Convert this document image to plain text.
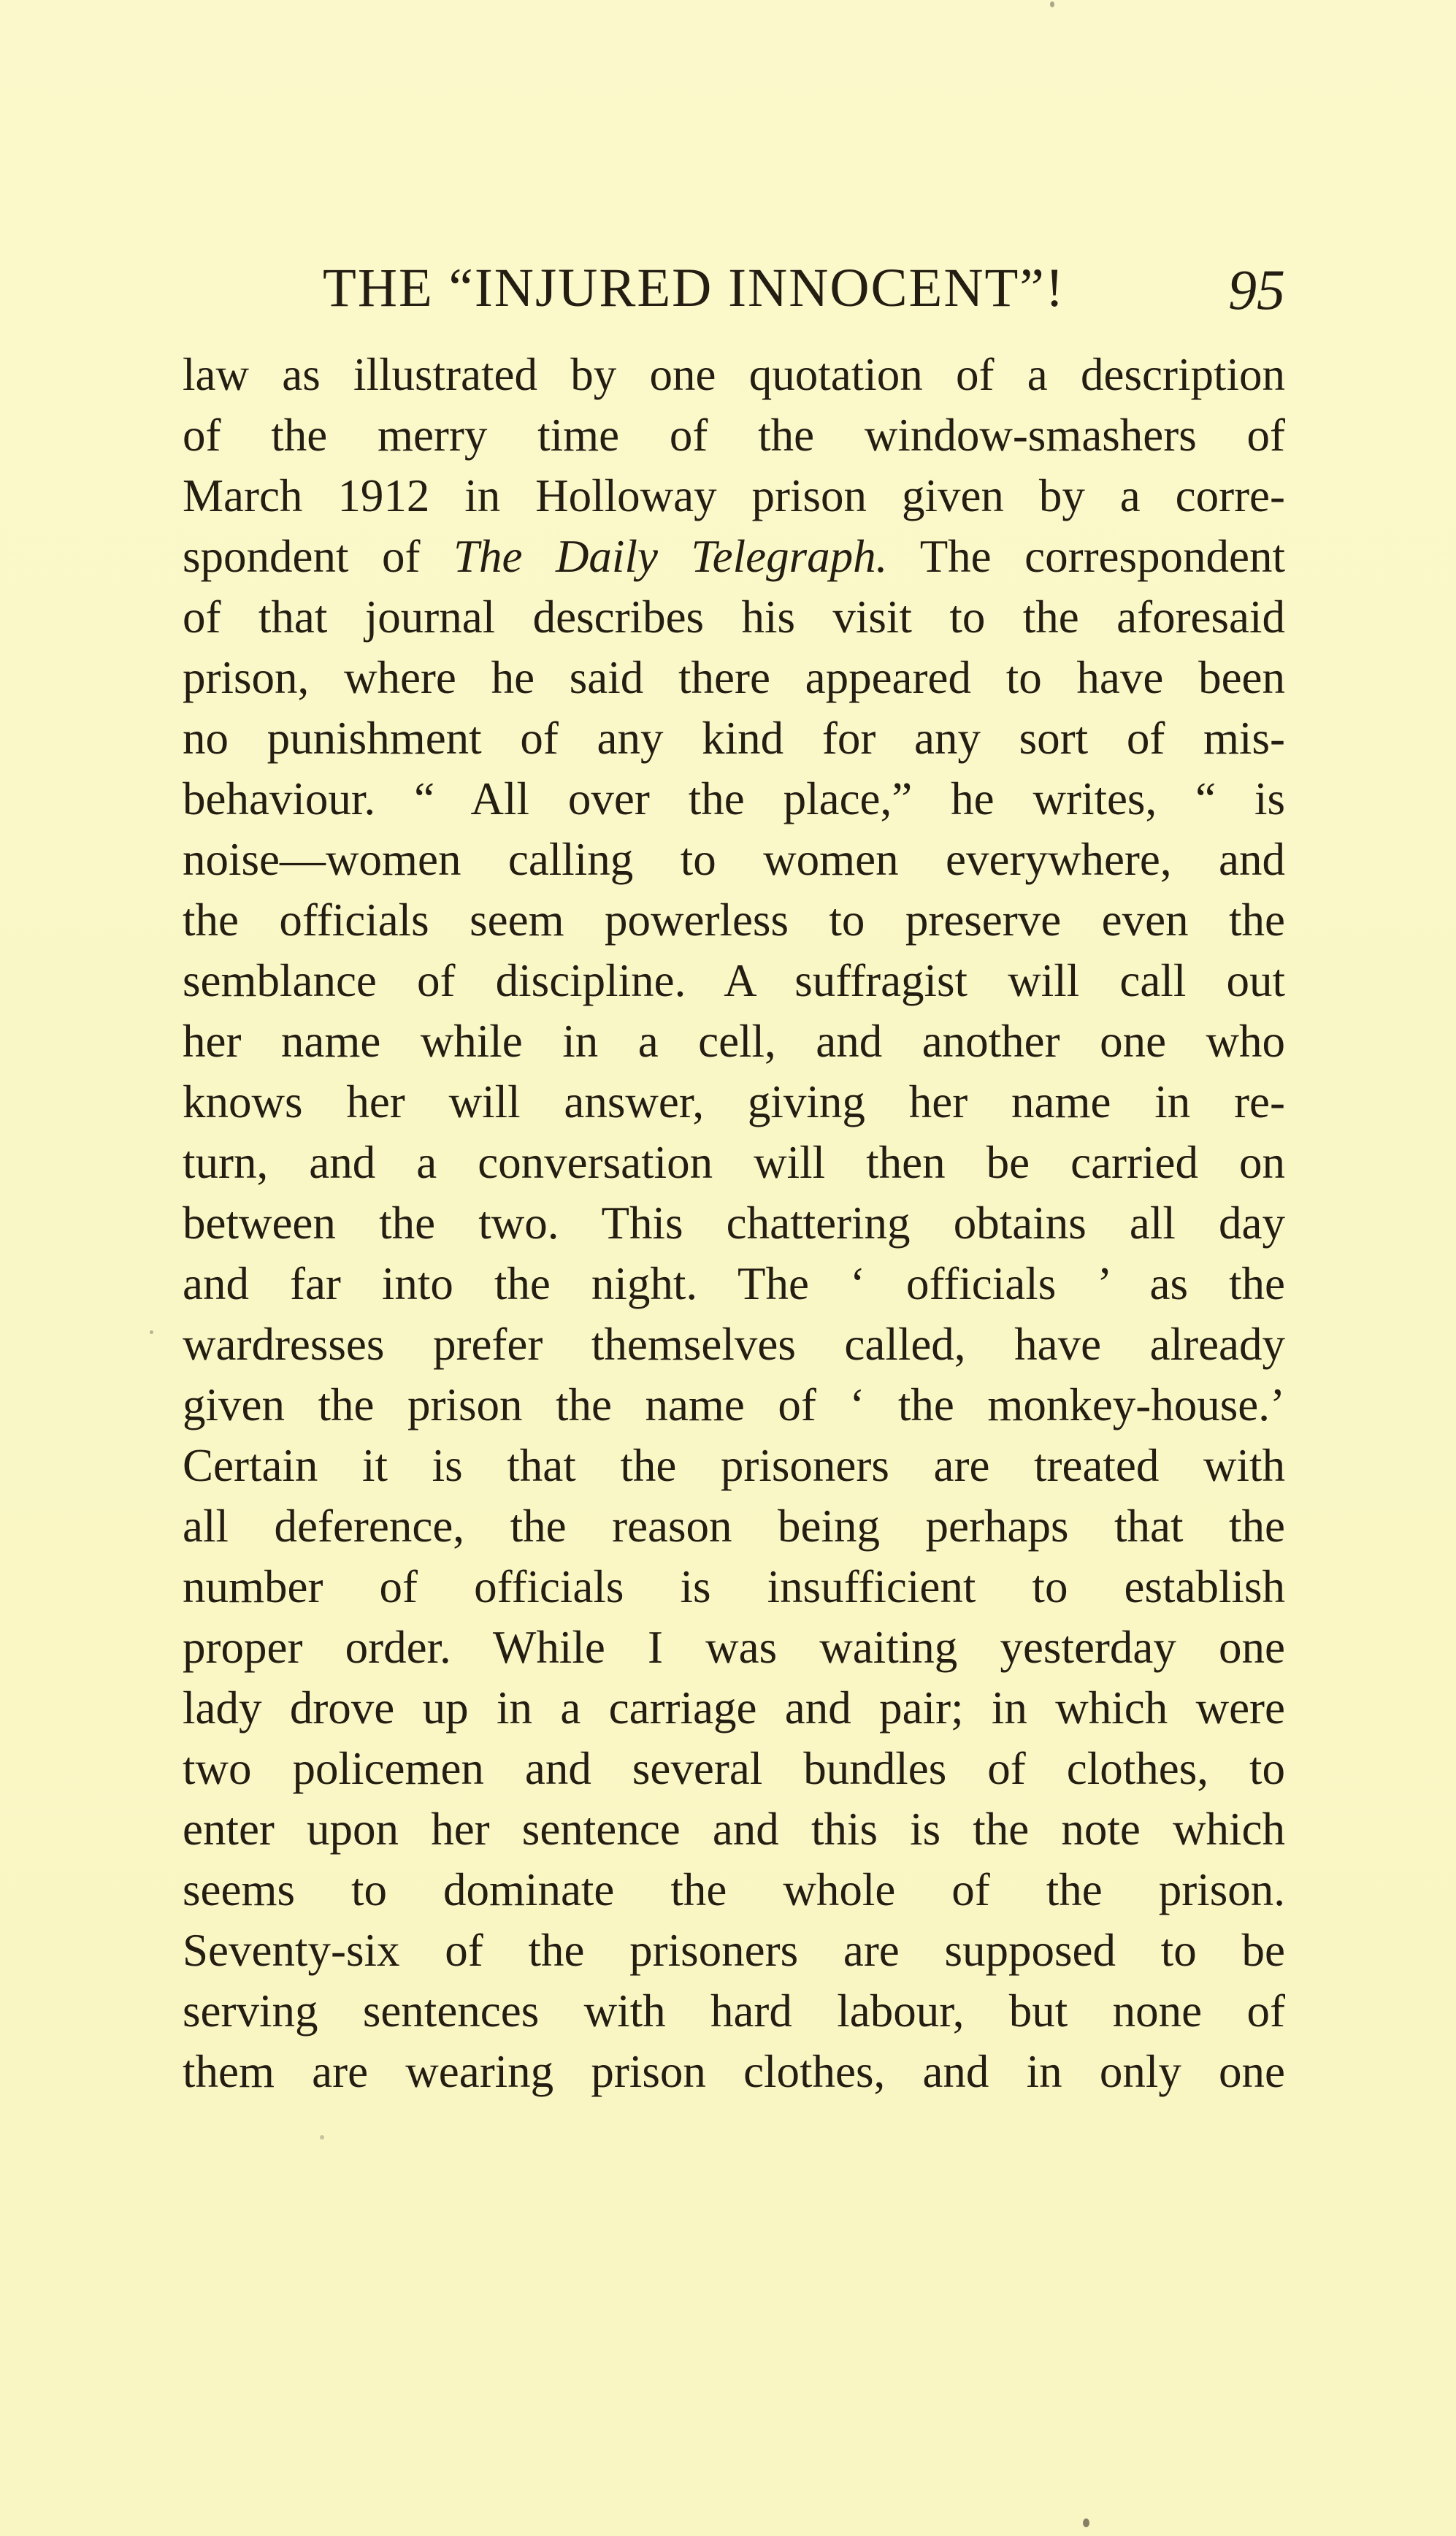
THE “INJURED INNOCENT”!	95
law as illustrated by one quotation of a description
of the merry time of the window-smashers of
March 1912 in Holloway prison given by a corre-
spondent of The Daily Telegraph. The correspondent
of that journal describes his visit to the aforesaid
prison, where he said there appeared to have been
no punishment of any kind for any sort of mis-
behaviour. “ All over the place,” he writes, “ is
noise—women calling to women everywhere, and
the officials seem powerless to preserve even the
semblance of discipline. A suffragist will call out
her name while in a cell, and another one who
knows her will answer, giving her name in re-
turn, and a conversation will then be carried on
between the two. This chattering obtains all day
and far into the night. The ‘ officials ’ as the
wardresses prefer themselves called, have already
given the prison the name of ‘ the monkey-house.’
Certain it is that the prisoners are treated with
all deference, the reason being perhaps that the
number of officials is insufficient to establish
proper order. While I was waiting yesterday one
lady drove up in a carriage and pair; in which were
two policemen and several bundles of clothes, to
enter upon her sentence and this is the note which
seems to dominate the whole of the prison.
Seventy-six of the prisoners are supposed to be
serving sentences with hard labour, but none of
them are wearing prison clothes, and in only one
